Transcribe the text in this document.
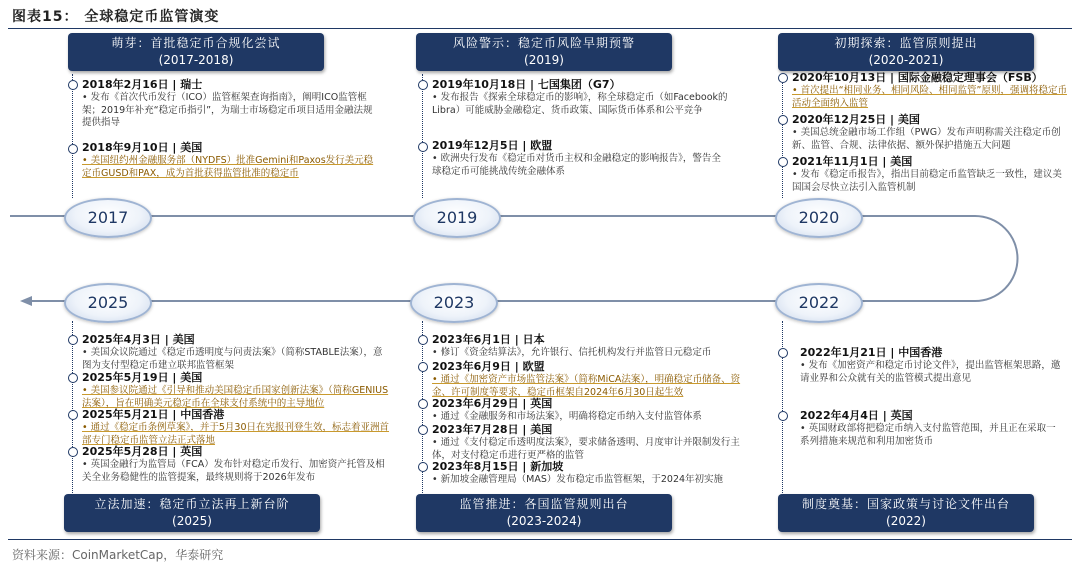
图表15： 全球稳定币监管演变
萌芽：首批稳定币合规化尝试
(2017-2018)
风险警示：稳定币风险早期预警
(2019)
初期探索：监管原则提出
(2020-2021)
立法加速：稳定币立法再上新台阶
(2025)
监管推进：各国监管规则出台
(2023-2024)
制度奠基：国家政策与讨论文件出台
(2022)
2017	2019	2020
2025	2023	2022
2018年2月16日 | 瑞士
• 发布《首次代币发行（ICO）监管框架查询指南》，阐明ICO监管框架；2019年补充“稳定币指引”，为瑞士市场稳定币项目适用金融法规提供指导
2018年9月10日 | 美国
• 美国纽约州金融服务部（NYDFS）批准Gemini和Paxos发行美元稳定币GUSD和PAX，成为首批获得监管批准的稳定币
2019年10月18日 | 七国集团（G7）
• 发布报告《探索全球稳定币的影响》，称全球稳定币（如Facebook的Libra）可能威胁金融稳定、货币政策、国际货币体系和公平竞争
2019年12月5日 | 欧盟
• 欧洲央行发布《稳定币对货币主权和金融稳定的影响报告》，警告全球稳定币可能挑战传统金融体系
2020年10月13日 | 国际金融稳定理事会（FSB）
• 首次提出“相同业务、相同风险、相同监管”原则，强调将稳定币活动全面纳入监管
2020年12月25日 | 美国
• 美国总统金融市场工作组（PWG）发布声明称需关注稳定币创新、监管、合规、法律依据、额外保护措施五大问题
2021年11月1日 | 美国
• 发布《稳定币报告》，指出目前稳定币监管缺乏一致性，建议美国国会尽快立法引入监管机制
2025年4月3日 | 美国
• 美国众议院通过《稳定币透明度与问责法案》（简称STABLE法案），意图为支付型稳定币建立联邦监管框架
2025年5月19日 | 美国
• 美国参议院通过《引导和推动美国稳定币国家创新法案》（简称GENIUS法案），旨在明确美元稳定币在全球支付系统中的主导地位
2025年5月21日 | 中国香港
• 通过《稳定币条例草案》，并于5月30日在宪报刊登生效，标志着亚洲首部专门稳定币监管立法正式落地
2025年5月28日 | 英国
• 英国金融行为监管局（FCA）发布针对稳定币发行、加密资产托管及相关全业务稳健性的监管提案，最终规则将于2026年发布
2023年6月1日 | 日本
• 修订《资金结算法》，允许银行、信托机构发行并监管日元稳定币
2023年6月9日 | 欧盟
• 通过《加密资产市场监管法案》（简称MiCA法案），明确稳定币储备、资金、许可制度等要求，稳定币框架自2024年6月30日起生效
2023年6月29日 | 英国
• 通过《金融服务和市场法案》，明确将稳定币纳入支付监管体系
2023年7月28日 | 美国
• 通过《支付稳定币透明度法案》，要求储备透明、月度审计并限制发行主体，对支付稳定币进行更严格的监管
2023年8月15日 | 新加坡
• 新加坡金融管理局（MAS）发布稳定币监管框架，于2024年初实施
2022年1月21日 | 中国香港
• 发布《加密资产和稳定币讨论文件》，提出监管框架思路，邀请业界和公众就有关的监管模式提出意见
2022年4月4日 | 英国
• 英国财政部将把稳定币纳入支付监管范围，并且正在采取一系列措施来规范和利用加密货币
资料来源：CoinMarketCap，华泰研究
